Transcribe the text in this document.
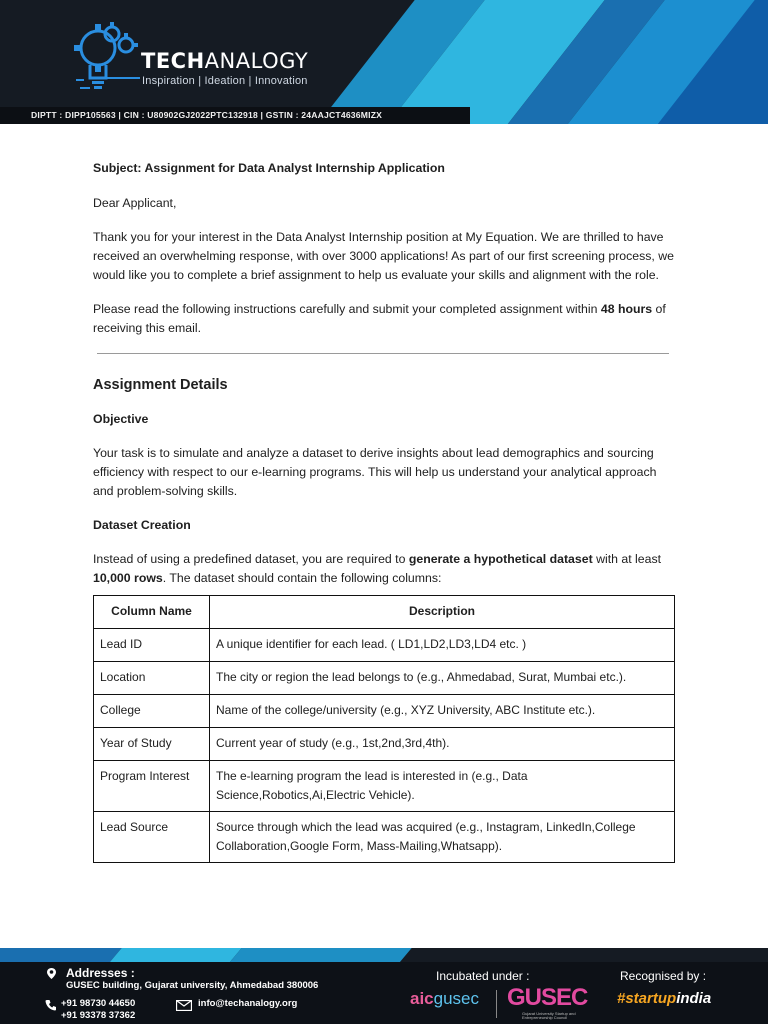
TECHANALOGY
Inspiration | Ideation | Innovation
DIPTT : DIPP105563 | CIN : U80902GJ2022PTC132918 | GSTIN : 24AAJCT4636MIZX
Subject: Assignment for Data Analyst Internship Application
Dear Applicant,
Thank you for your interest in the Data Analyst Internship position at My Equation. We are thrilled to have received an overwhelming response, with over 3000 applications! As part of our first screening process, we would like you to complete a brief assignment to help us evaluate your skills and alignment with the role.
Please read the following instructions carefully and submit your completed assignment within 48 hours of receiving this email.
Assignment Details
Objective
Your task is to simulate and analyze a dataset to derive insights about lead demographics and sourcing efficiency with respect to our e-learning programs. This will help us understand your analytical approach and problem-solving skills.
Dataset Creation
Instead of using a predefined dataset, you are required to generate a hypothetical dataset with at least 10,000 rows. The dataset should contain the following columns:
Column Name	Description
Lead ID	A unique identifier for each lead. ( LD1,LD2,LD3,LD4 etc. )
Location	The city or region the lead belongs to (e.g., Ahmedabad, Surat, Mumbai etc.).
College	Name of the college/university (e.g., XYZ University, ABC Institute etc.).
Year of Study	Current year of study (e.g., 1st,2nd,3rd,4th).
Program Interest	The e-learning program the lead is interested in (e.g., Data Science,Robotics,Ai,Electric Vehicle).
Lead Source	Source through which the lead was acquired (e.g., Instagram, LinkedIn,College Collaboration,Google Form, Mass-Mailing,Whatsapp).
Addresses :
GUSEC building, Gujarat university, Ahmedabad 380006
+91 98730 44650
+91 93378 37362
info@techanalogy.org
Incubated under :
aicgusec GUSEC
Gujarat University Startup and Entrepreneurship Council
Recognised by :
#startupindia
